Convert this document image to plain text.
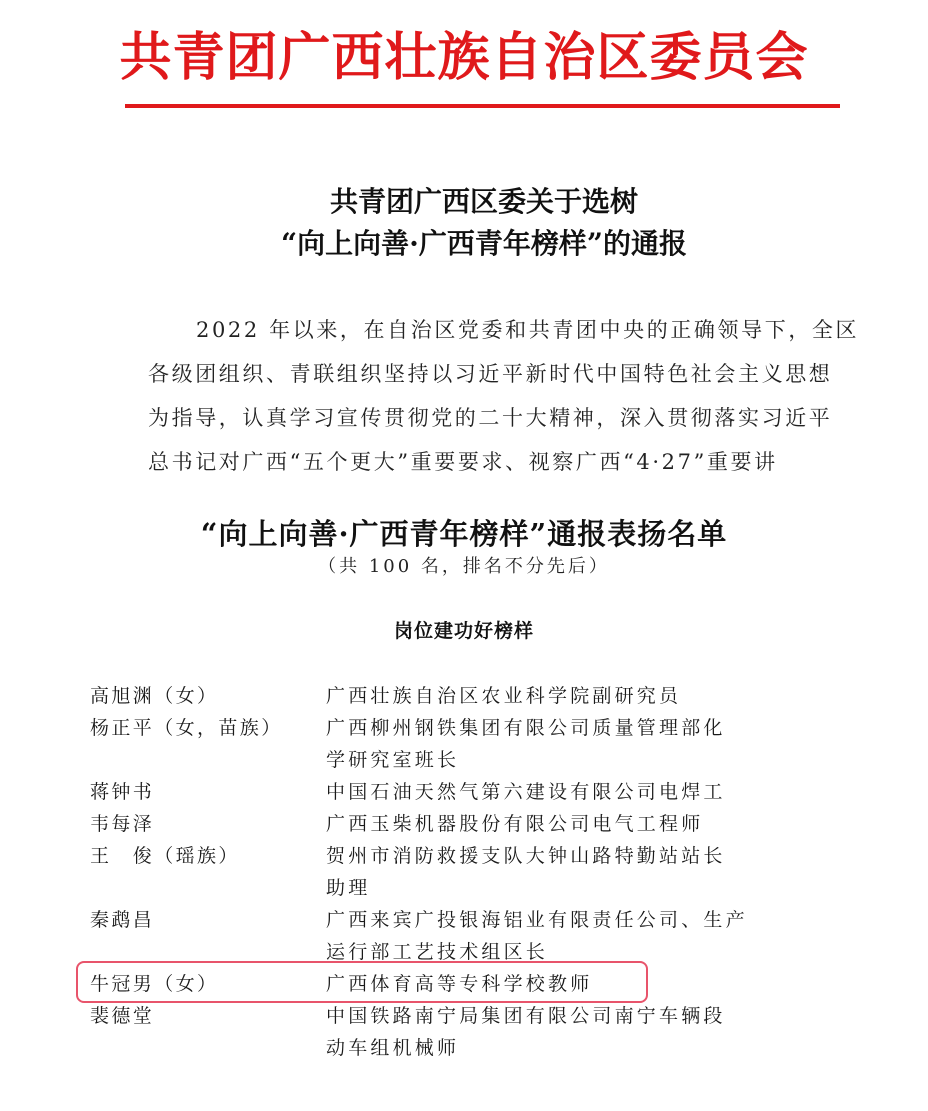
共青团广西壮族自治区委员会
共青团广西区委关于选树
“向上向善·广西青年榜样”的通报
2022 年以来，在自治区党委和共青团中央的正确领导下，全区
各级团组织、青联组织坚持以习近平新时代中国特色社会主义思想
为指导，认真学习宣传贯彻党的二十大精神，深入贯彻落实习近平
总书记对广西“五个更大”重要要求、视察广西“4·27”重要讲
“向上向善·广西青年榜样”通报表扬名单
（共 100 名，排名不分先后）
岗位建功好榜样
高旭渊（女）	广西壮族自治区农业科学院副研究员
杨正平（女，苗族） 广西柳州钢铁集团有限公司质量管理部化
学研究室班长
蒋钟书	中国石油天然气第六建设有限公司电焊工
韦每泽	广西玉柴机器股份有限公司电气工程师
王　俊（瑶族）	贺州市消防救援支队大钟山路特勤站站长
助理
秦鹉昌	广西来宾广投银海铝业有限责任公司、生产
运行部工艺技术组区长
牛冠男（女）	广西体育高等专科学校教师
裴德堂	中国铁路南宁局集团有限公司南宁车辆段
动车组机械师
